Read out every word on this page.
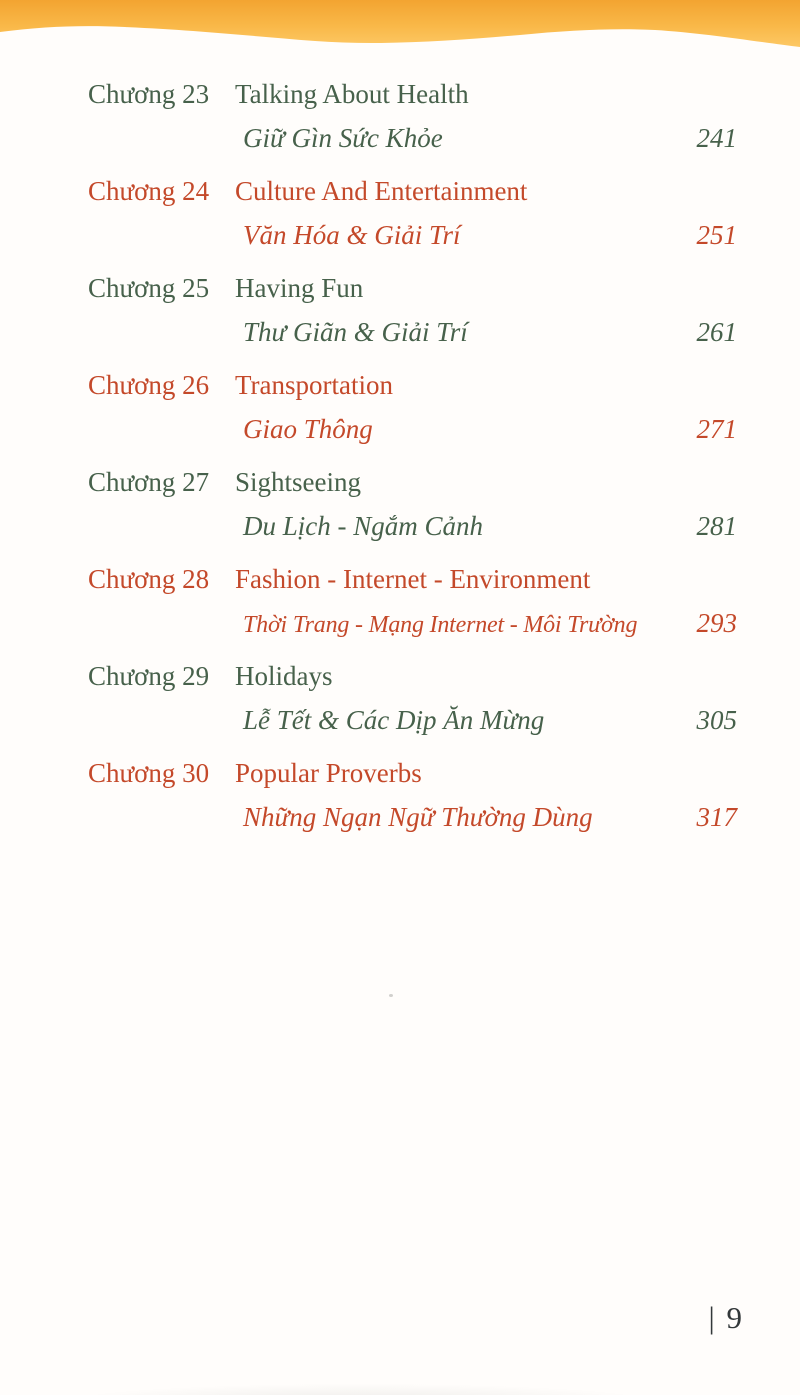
Chương 23 Talking About Health
Giữ Gìn Sức Khỏe	241
Chương 24 Culture And Entertainment
Văn Hóa & Giải Trí	251
Chương 25 Having Fun
Thư Giãn & Giải Trí	261
Chương 26 Transportation
Giao Thông	271
Chương 27 Sightseeing
Du Lịch - Ngắm Cảnh	281
Chương 28 Fashion - Internet - Environment
Thời Trang - Mạng Internet - Môi Trường	293
Chương 29 Holidays
Lễ Tết & Các Dịp Ăn Mừng	305
Chương 30 Popular Proverbs
Những Ngạn Ngữ Thường Dùng	317
| 9
